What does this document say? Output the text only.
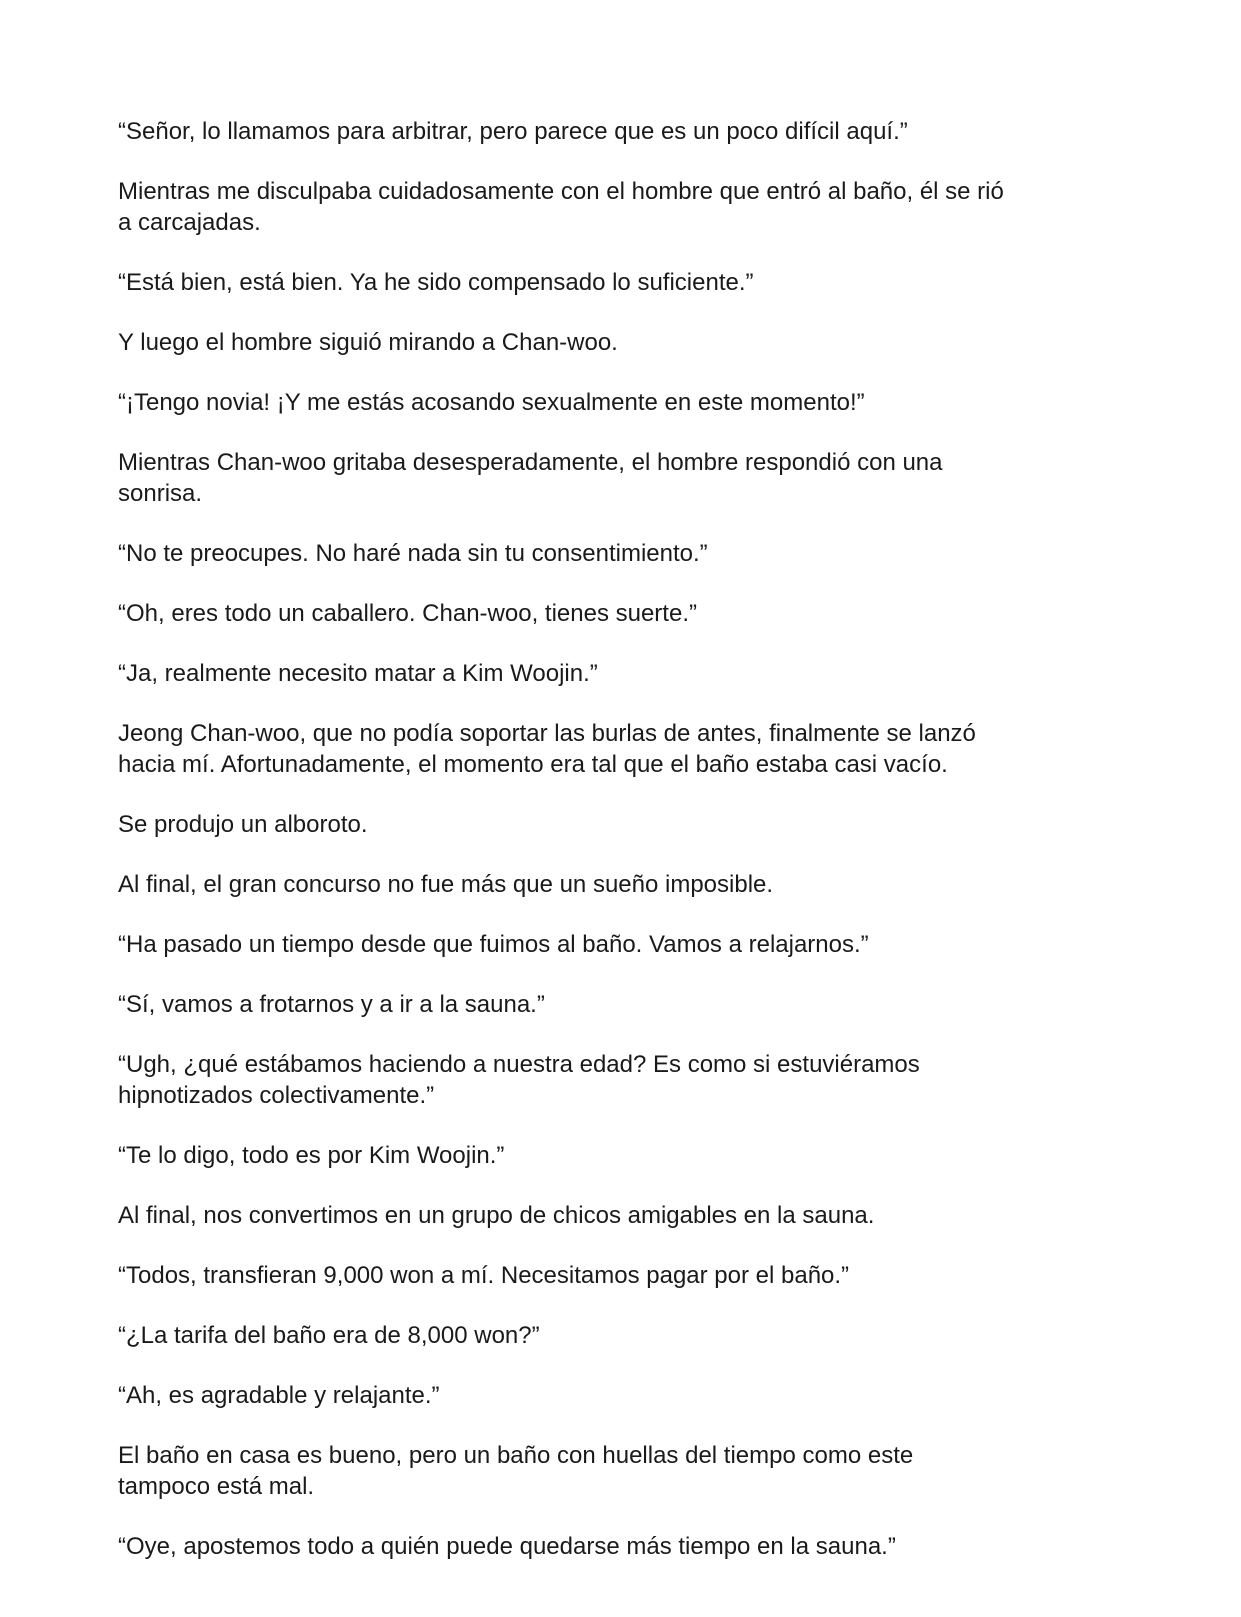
“Señor, lo llamamos para arbitrar, pero parece que es un poco difícil aquí.”

Mientras me disculpaba cuidadosamente con el hombre que entró al baño, él se rió
a carcajadas.

“Está bien, está bien. Ya he sido compensado lo suficiente.”

Y luego el hombre siguió mirando a Chan-woo.

“¡Tengo novia! ¡Y me estás acosando sexualmente en este momento!”

Mientras Chan-woo gritaba desesperadamente, el hombre respondió con una
sonrisa.

“No te preocupes. No haré nada sin tu consentimiento.”

“Oh, eres todo un caballero. Chan-woo, tienes suerte.”

“Ja, realmente necesito matar a Kim Woojin.”

Jeong Chan-woo, que no podía soportar las burlas de antes, finalmente se lanzó
hacia mí. Afortunadamente, el momento era tal que el baño estaba casi vacío.

Se produjo un alboroto.

Al final, el gran concurso no fue más que un sueño imposible.

“Ha pasado un tiempo desde que fuimos al baño. Vamos a relajarnos.”

“Sí, vamos a frotarnos y a ir a la sauna.”

“Ugh, ¿qué estábamos haciendo a nuestra edad? Es como si estuviéramos
hipnotizados colectivamente.”

“Te lo digo, todo es por Kim Woojin.”

Al final, nos convertimos en un grupo de chicos amigables en la sauna.

“Todos, transfieran 9,000 won a mí. Necesitamos pagar por el baño.”

“¿La tarifa del baño era de 8,000 won?”

“Ah, es agradable y relajante.”

El baño en casa es bueno, pero un baño con huellas del tiempo como este
tampoco está mal.

“Oye, apostemos todo a quién puede quedarse más tiempo en la sauna.”
